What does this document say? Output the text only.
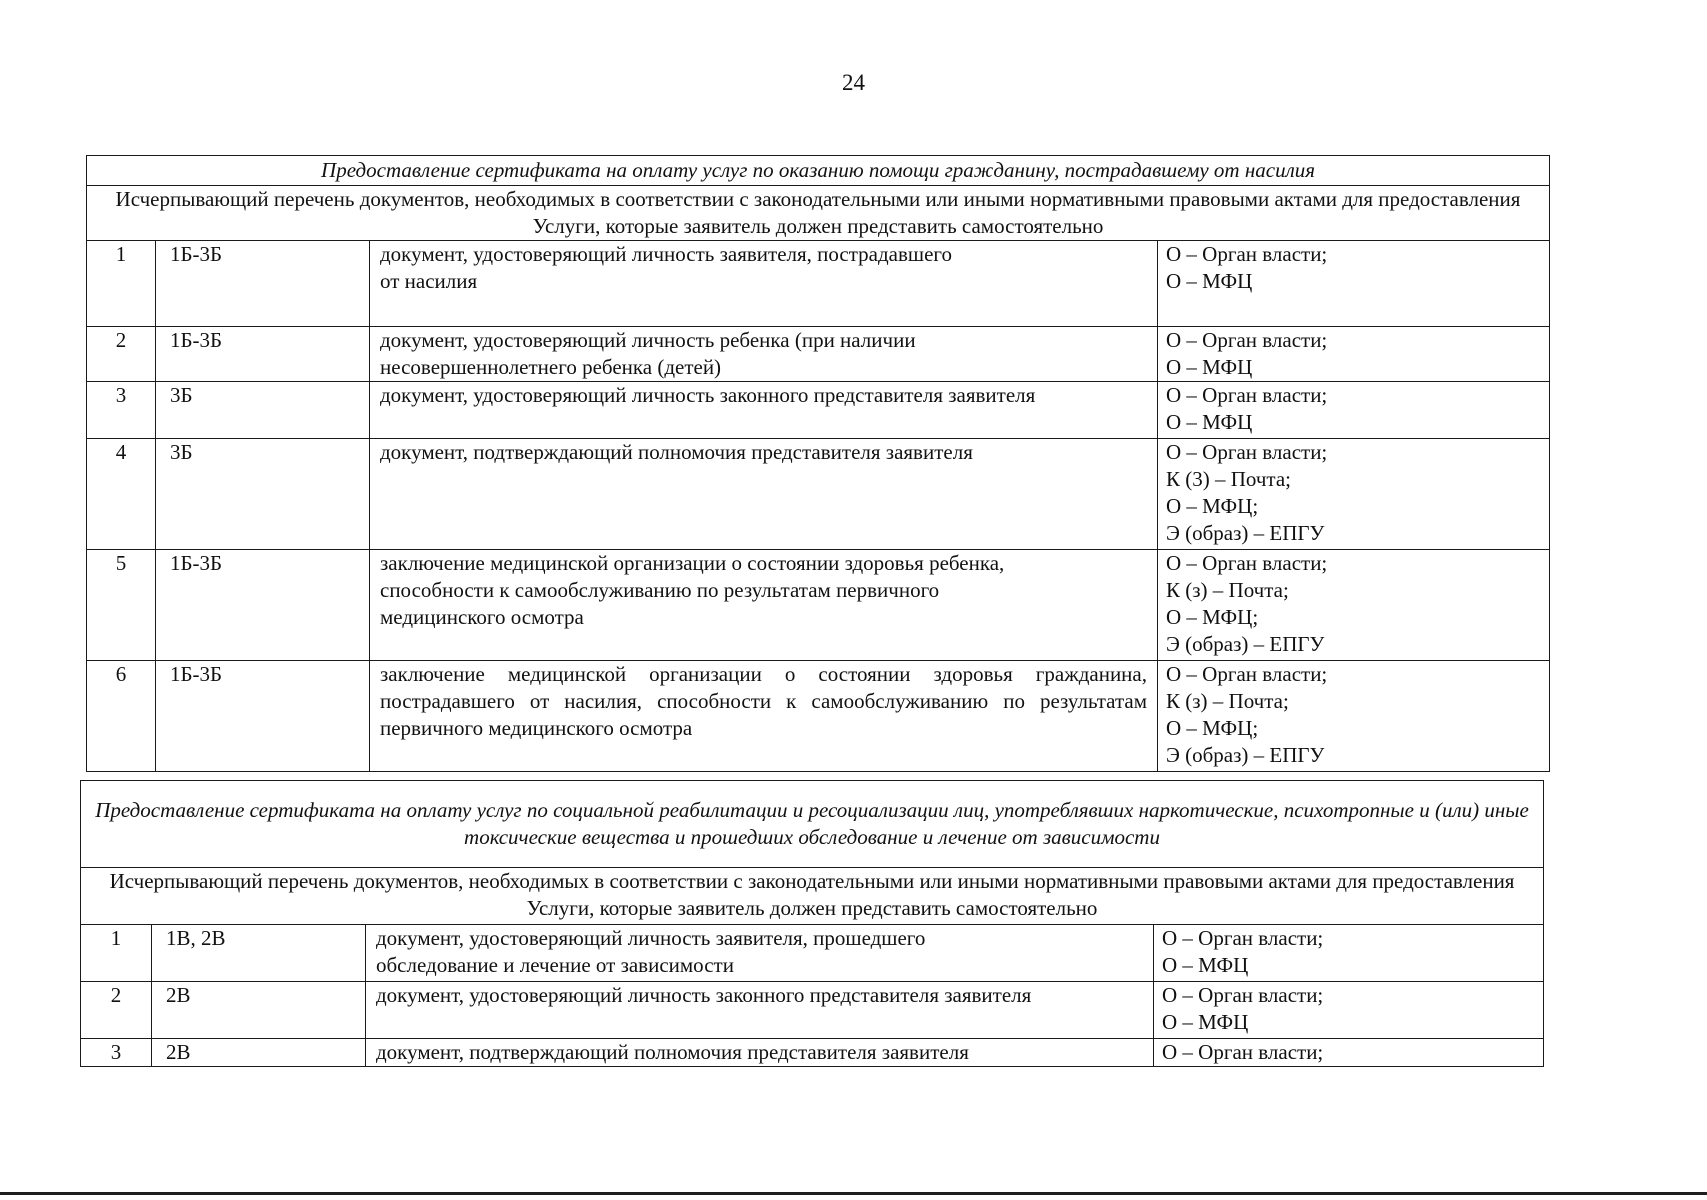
24
Предоставление сертификата на оплату услуг по оказанию помощи гражданину, пострадавшему от насилия			
Исчерпывающий перечень документов, необходимых в соответствии с законодательными или иными нормативными правовыми актами для предоставления Услуги, которые заявитель должен представить самостоятельно			
1	1Б-3Б	документ, удостоверяющий личность заявителя, пострадавшего
от насилия	О – Орган власти;
О – МФЦ

2	1Б-3Б	документ, удостоверяющий личность ребенка (при наличии
несовершеннолетнего ребенка (детей)	О – Орган власти;
О – МФЦ

3	3Б	документ, удостоверяющий личность законного представителя заявителя	О – Орган власти;
О – МФЦ

4	3Б	документ, подтверждающий полномочия представителя заявителя	О – Орган власти;
К (3) – Почта;
О – МФЦ;
Э (образ) – ЕПГУ

5	1Б-3Б	заключение медицинской организации о состоянии здоровья ребенка,
способности к самообслуживанию по результатам первичного
медицинского осмотра	О – Орган власти;
К (з) – Почта;
О – МФЦ;
Э (образ) – ЕПГУ

6	1Б-3Б	заключение медицинской организации о состоянии здоровья гражданина, пострадавшего от насилия, способности к самообслуживанию по результатам первичного медицинского осмотра	О – Орган власти;
К (з) – Почта;
О – МФЦ;
Э (образ) – ЕПГУ
Предоставление сертификата на оплату услуг по социальной реабилитации и ресоциализации лиц, употреблявших наркотические, психотропные и (или) иные токсические вещества и прошедших обследование и лечение от зависимости			
Исчерпывающий перечень документов, необходимых в соответствии с законодательными или иными нормативными правовыми актами для предоставления Услуги, которые заявитель должен представить самостоятельно			
1	1В, 2В	документ, удостоверяющий личность заявителя, прошедшего
обследование и лечение от зависимости	О – Орган власти;
О – МФЦ

2	2В	документ, удостоверяющий личность законного представителя заявителя	О – Орган власти;
О – МФЦ

3	2В	документ, подтверждающий полномочия представителя заявителя	О – Орган власти;
